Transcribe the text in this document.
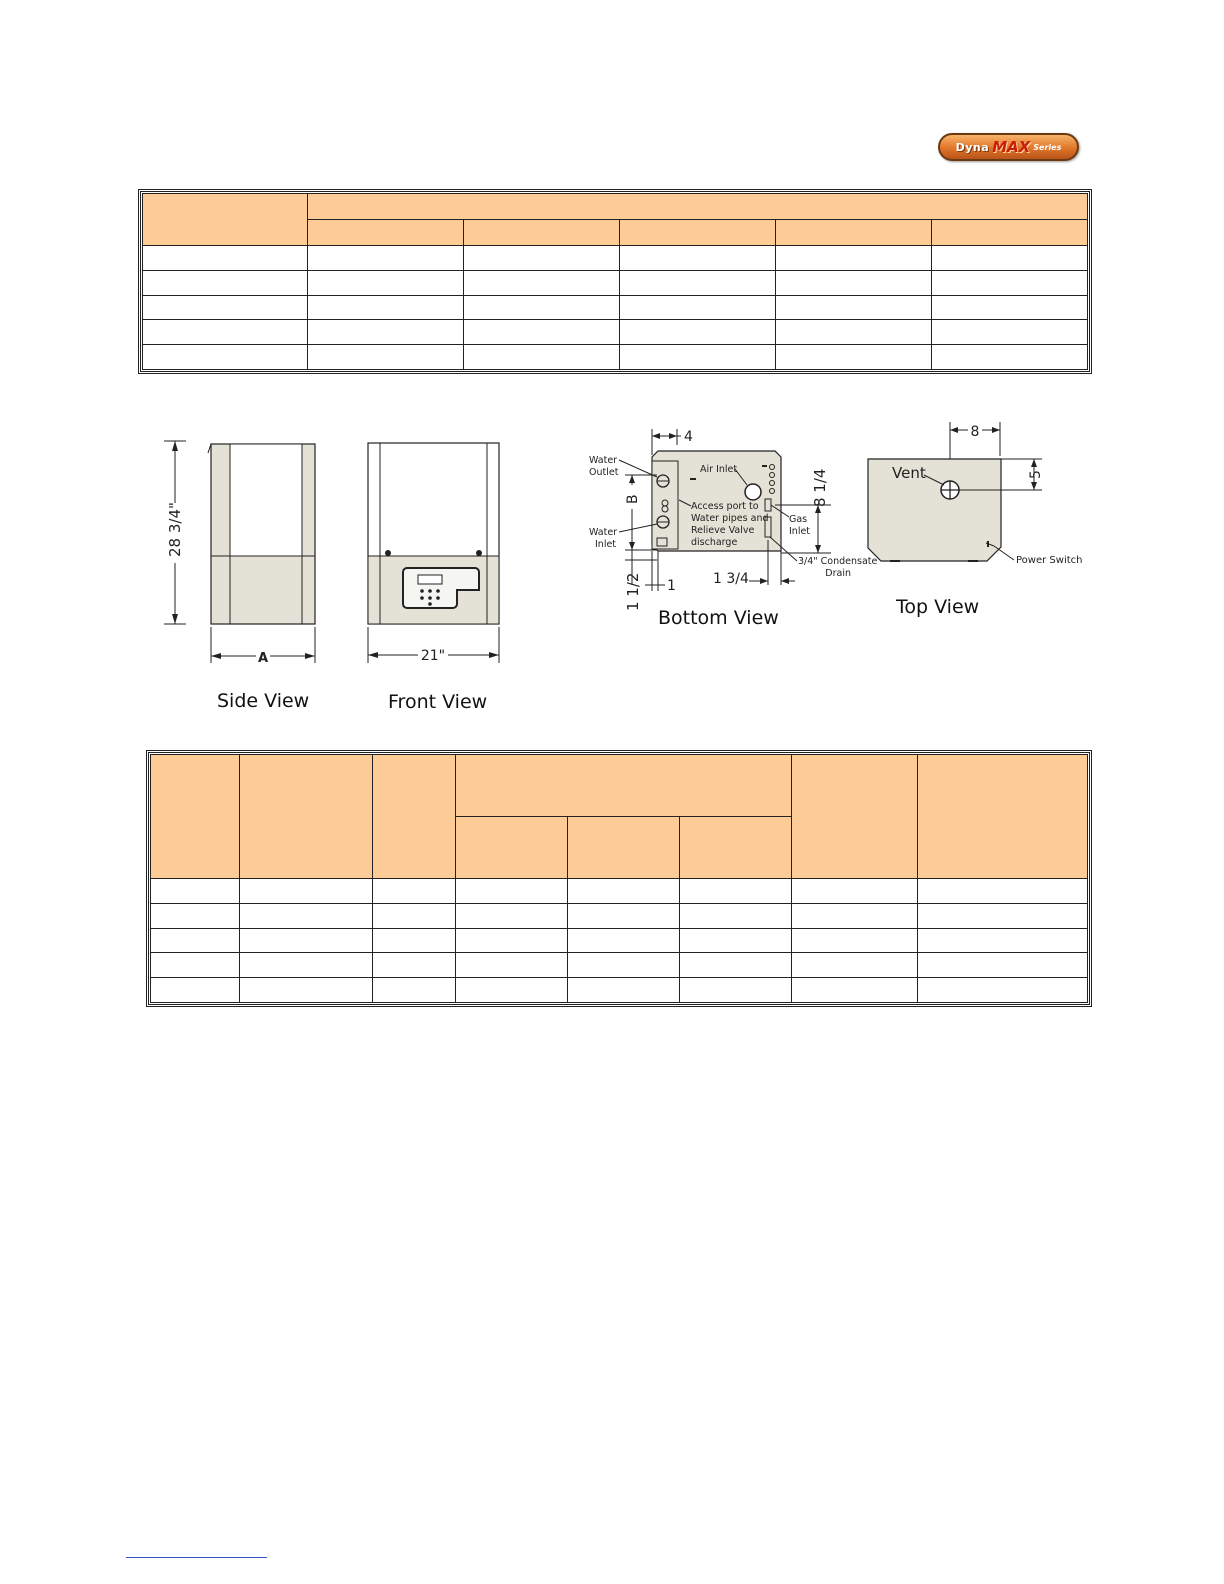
Dyna MAX Series

28 3/4"
A
Side View
21"
Front View
4
Water Outlet
Water Inlet
Air Inlet
Access port to Water pipes and Relieve Valve discharge
Gas Inlet
3/4" Condensate Drain
8 1/4
B
1 1/2 1	1 3/4
Bottom View
8
Vent	5
Power Switch
Top View
